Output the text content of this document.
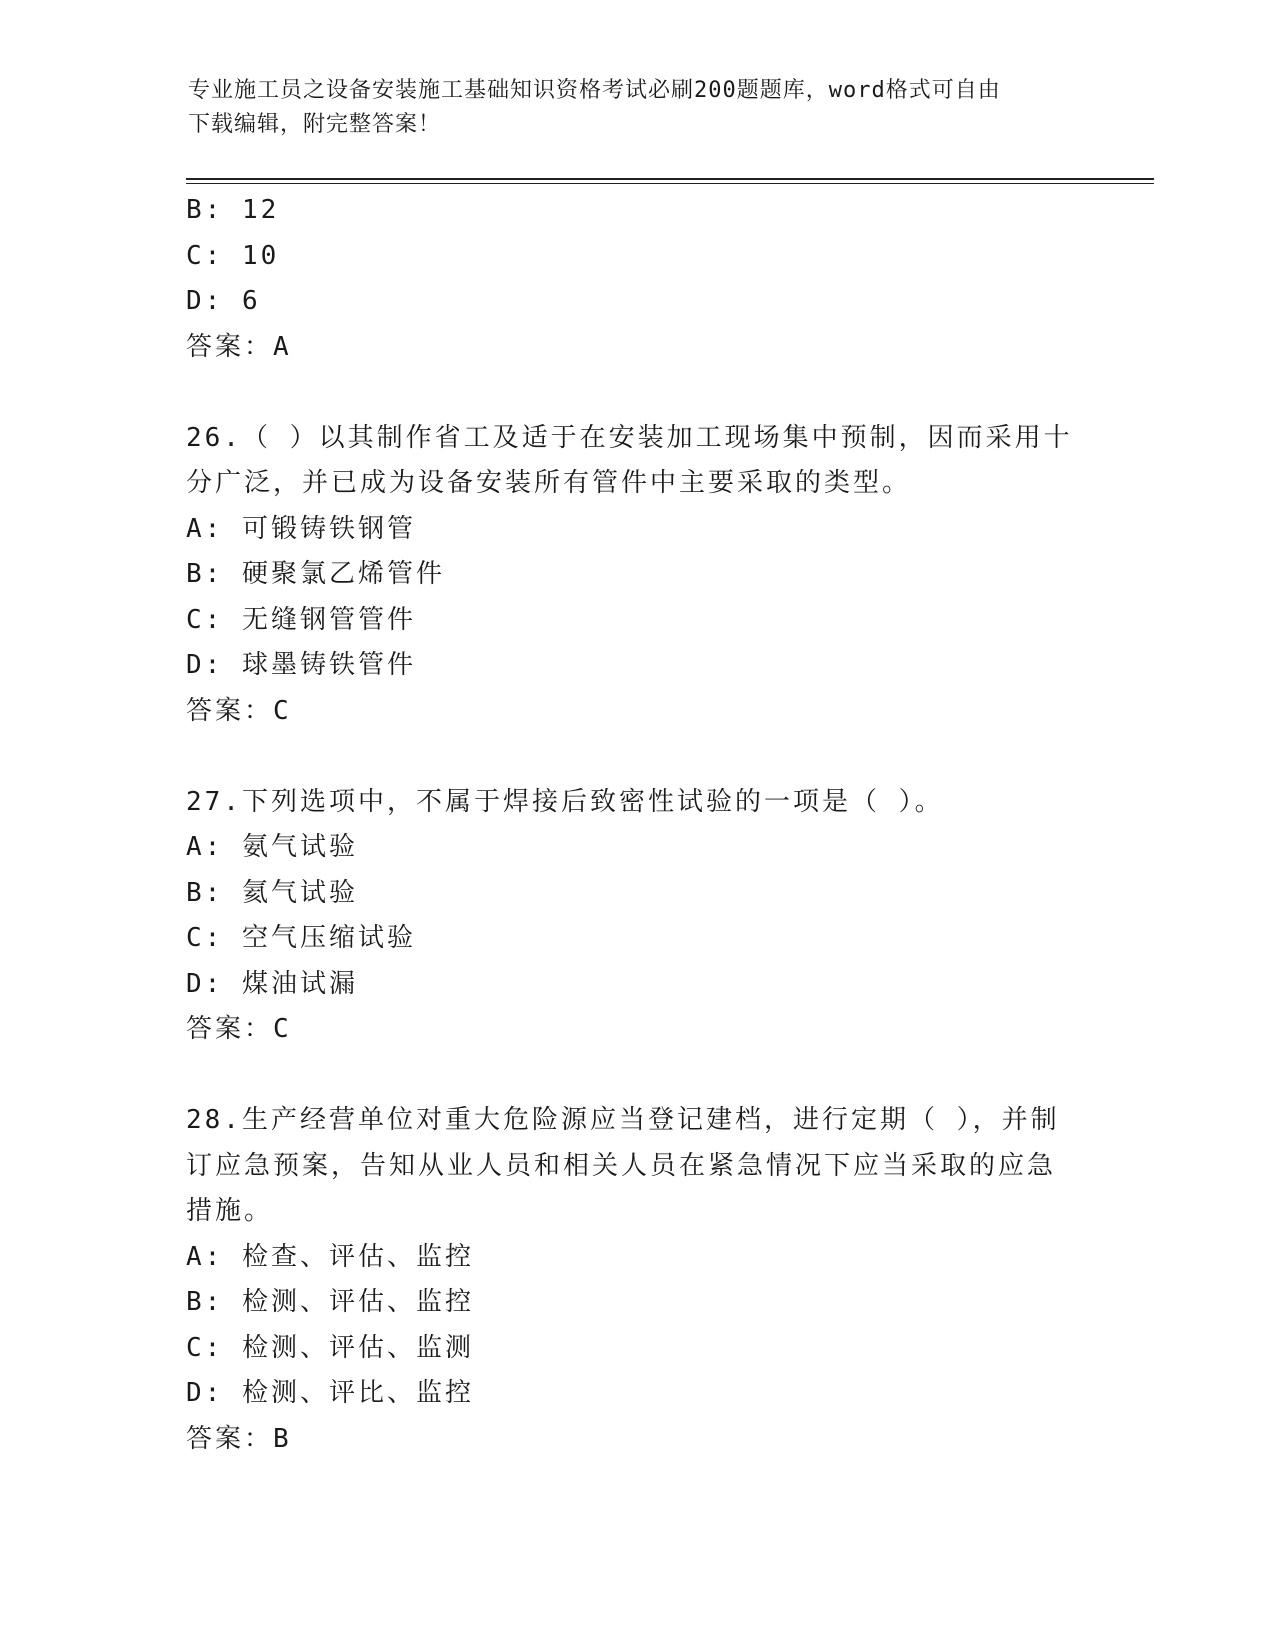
专业施工员之设备安装施工基础知识资格考试必刷200题题库，word格式可自由
下载编辑，附完整答案！
B: 12
C: 10
D: 6
答案：A
26.（ ）以其制作省工及适于在安装加工现场集中预制，因而采用十
分广泛，并已成为设备安装所有管件中主要采取的类型。
A: 可锻铸铁钢管
B: 硬聚氯乙烯管件
C: 无缝钢管管件
D: 球墨铸铁管件
答案：C
27.下列选项中，不属于焊接后致密性试验的一项是（ ）。
A: 氨气试验
B: 氦气试验
C: 空气压缩试验
D: 煤油试漏
答案：C
28.生产经营单位对重大危险源应当登记建档，进行定期（ ），并制
订应急预案，告知从业人员和相关人员在紧急情况下应当采取的应急
措施。
A: 检查、评估、监控
B: 检测、评估、监控
C: 检测、评估、监测
D: 检测、评比、监控
答案：B
